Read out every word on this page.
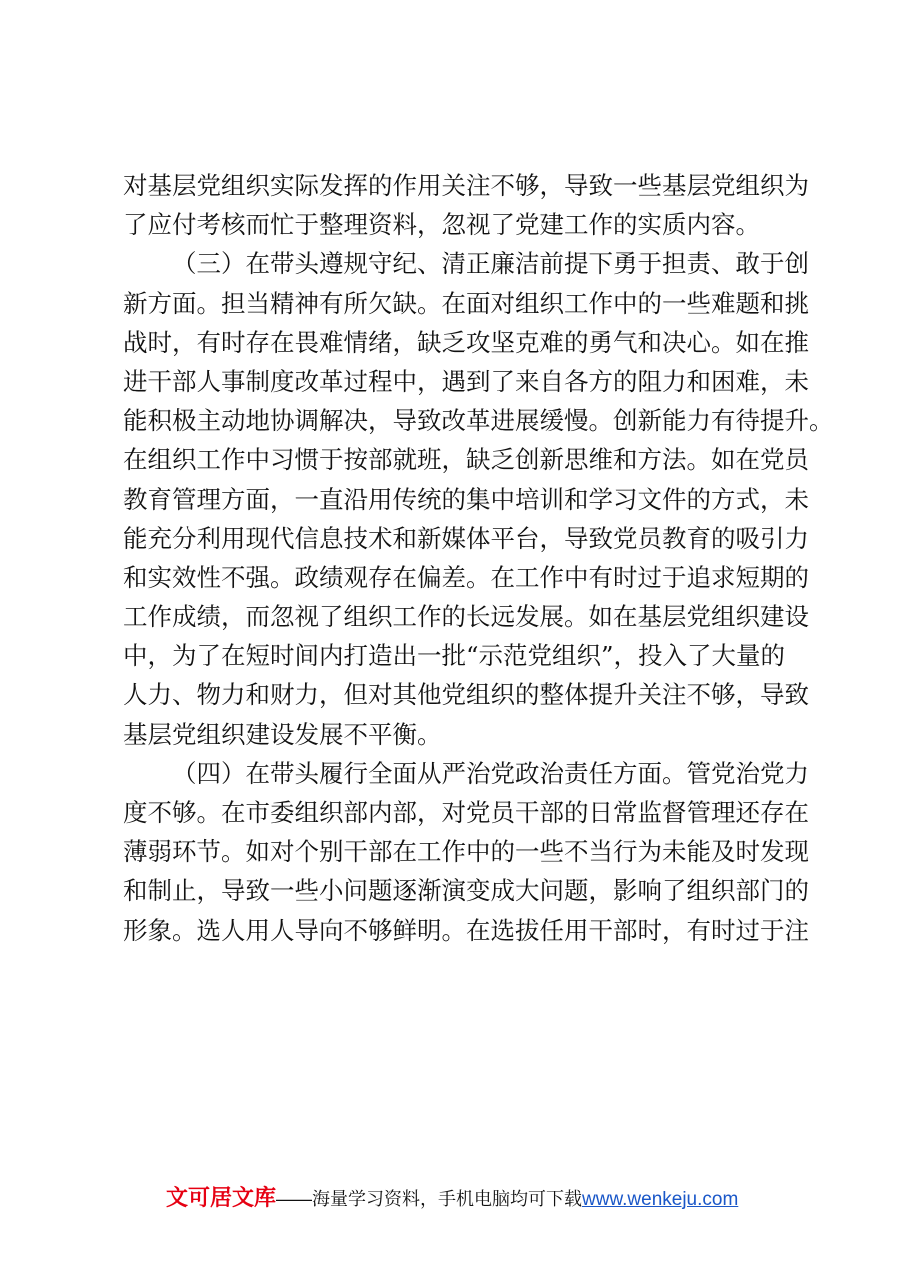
对基层党组织实际发挥的作用关注不够，导致一些基层党组织为
了应付考核而忙于整理资料，忽视了党建工作的实质内容。
（三）在带头遵规守纪、清正廉洁前提下勇于担责、敢于创
新方面。担当精神有所欠缺。在面对组织工作中的一些难题和挑
战时，有时存在畏难情绪，缺乏攻坚克难的勇气和决心。如在推
进干部人事制度改革过程中，遇到了来自各方的阻力和困难，未
能积极主动地协调解决，导致改革进展缓慢。创新能力有待提升。
在组织工作中习惯于按部就班，缺乏创新思维和方法。如在党员
教育管理方面，一直沿用传统的集中培训和学习文件的方式，未
能充分利用现代信息技术和新媒体平台，导致党员教育的吸引力
和实效性不强。政绩观存在偏差。在工作中有时过于追求短期的
工作成绩，而忽视了组织工作的长远发展。如在基层党组织建设
中，为了在短时间内打造出一批“示范党组织”，投入了大量的
人力、物力和财力，但对其他党组织的整体提升关注不够，导致
基层党组织建设发展不平衡。
（四）在带头履行全面从严治党政治责任方面。管党治党力
度不够。在市委组织部内部，对党员干部的日常监督管理还存在
薄弱环节。如对个别干部在工作中的一些不当行为未能及时发现
和制止，导致一些小问题逐渐演变成大问题，影响了组织部门的
形象。选人用人导向不够鲜明。在选拔任用干部时，有时过于注
文可居文库——海量学习资料，手机电脑均可下载www.wenkeju.com
